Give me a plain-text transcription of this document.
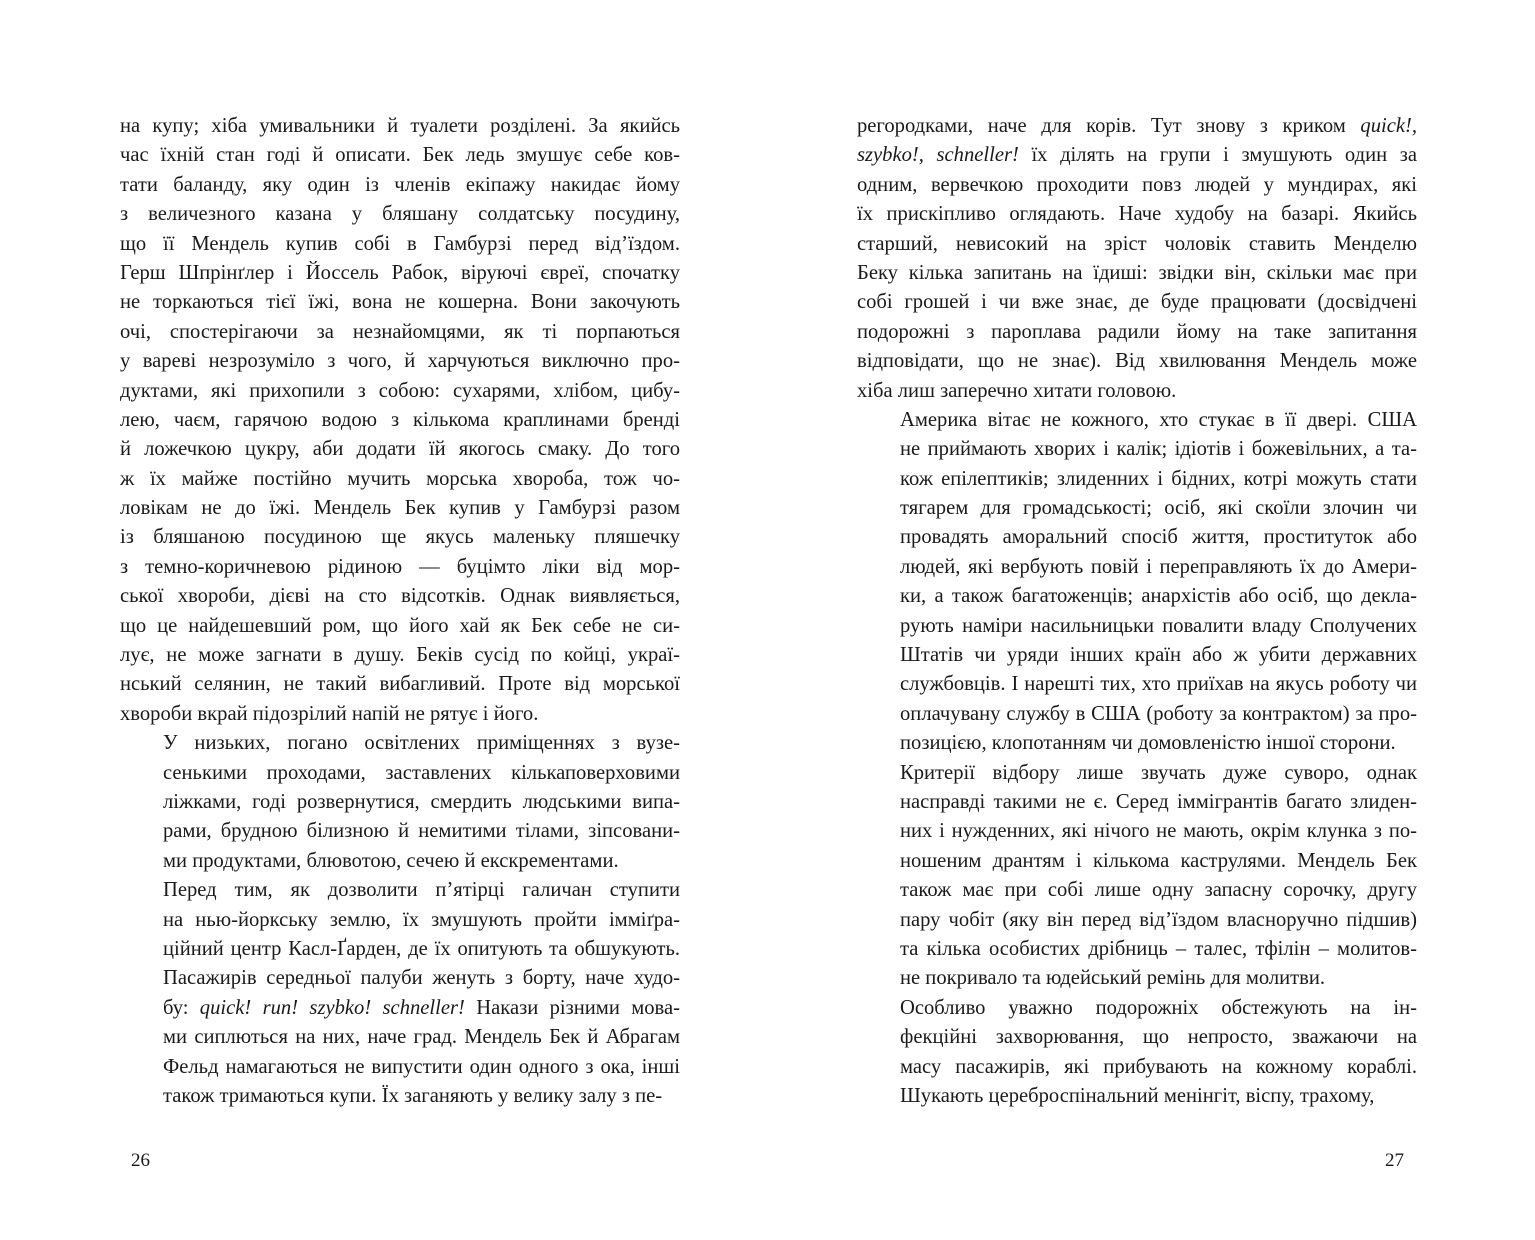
на купу; хіба умивальники й туалети розділені. За якийсь
час їхній стан годі й описати. Бек ледь змушує себе ков-
тати баланду, яку один із членів екіпажу накидає йому
з величезного казана у бляшану солдатську посудину,
що її Мендель купив собі в Гамбурзі перед від’їздом.
Герш Шпрінґлер і Йоссель Рабок, віруючі євреї, спочатку
не торкаються тієї їжі, вона не кошерна. Вони закочують
очі, спостерігаючи за незнайомцями, як ті порпаються
у вареві незрозуміло з чого, й харчуються виключно про-
дуктами, які прихопили з собою: сухарями, хлібом, цибу-
лею, чаєм, гарячою водою з кількома краплинами бренді
й ложечкою цукру, аби додати їй якогось смаку. До того
ж їх майже постійно мучить морська хвороба, тож чо-
ловікам не до їжі. Мендель Бек купив у Гамбурзі разом
із бляшаною посудиною ще якусь маленьку пляшечку
з темно-коричневою рідиною — буцімто ліки від мор-
ської хвороби, дієві на сто відсотків. Однак виявляється,
що це найдешевший ром, що його хай як Бек себе не си-
лує, не може загнати в душу. Беків сусід по койці, украї-
нський селянин, не такий вибагливий. Проте від морської
хвороби вкрай підозрілий напій не рятує і його.
У низьких, погано освітлених приміщеннях з вузе-
сенькими проходами, заставлених кількаповерховими
ліжками, годі розвернутися, смердить людськими випа-
рами, брудною білизною й немитими тілами, зіпсовани-
ми продуктами, блювотою, сечею й екскрементами.
Перед тим, як дозволити п’ятірці галичан ступити
на нью-йоркську землю, їх змушують пройти імміґра-
ційний центр Касл-Ґарден, де їх опитують та обшукують.
Пасажирів середньої палуби женуть з борту, наче худо-
бу: quick! run! szybko! schneller! Накази різними мова-
ми сиплються на них, наче град. Мендель Бек й Абрагам
Фельд намагаються не випустити один одного з ока, інші
також тримаються купи. Їх заганяють у велику залу з пе-
26
регородками, наче для корів. Тут знову з криком quick!,
szybko!, schneller! їх ділять на групи і змушують один за
одним, вервечкою проходити повз людей у мундирах, які
їх прискіпливо оглядають. Наче худобу на базарі. Якийсь
старший, невисокий на зріст чоловік ставить Менделю
Беку кілька запитань на їдиші: звідки він, скільки має при
собі грошей і чи вже знає, де буде працювати (досвідчені
подорожні з пароплава радили йому на таке запитання
відповідати, що не знає). Від хвилювання Мендель може
хіба лиш заперечно хитати головою.
Америка вітає не кожного, хто стукає в її двері. США
не приймають хворих і калік; ідіотів і божевільних, а та-
кож епілептиків; злиденних і бідних, котрі можуть стати
тягарем для громадськості; осіб, які скоїли злочин чи
провадять аморальний спосіб життя, проституток або
людей, які вербують повій і переправляють їх до Амери-
ки, а також багатоженців; анархістів або осіб, що декла-
рують наміри насильницьки повалити владу Сполучених
Штатів чи уряди інших країн або ж убити державних
службовців. І нарешті тих, хто приїхав на якусь роботу чи
оплачувану службу в США (роботу за контрактом) за про-
позицією, клопотанням чи домовленістю іншої сторони.
Критерії відбору лише звучать дуже суворо, однак
насправді такими не є. Серед іммігрантів багато злиден-
них і нужденних, які нічого не мають, окрім клунка з по-
ношеним дрантям і кількома каструлями. Мендель Бек
також має при собі лише одну запасну сорочку, другу
пару чобіт (яку він перед від’їздом власноручно підшив)
та кілька особистих дрібниць – талес, тфілін – молитов-
не покривало та юдейський ремінь для молитви.
Особливо уважно подорожніх обстежують на ін-
фекційні захворювання, що непросто, зважаючи на
масу пасажирів, які прибувають на кожному кораблі.
Шукають цереброспінальний менінгіт, віспу, трахому,
27
